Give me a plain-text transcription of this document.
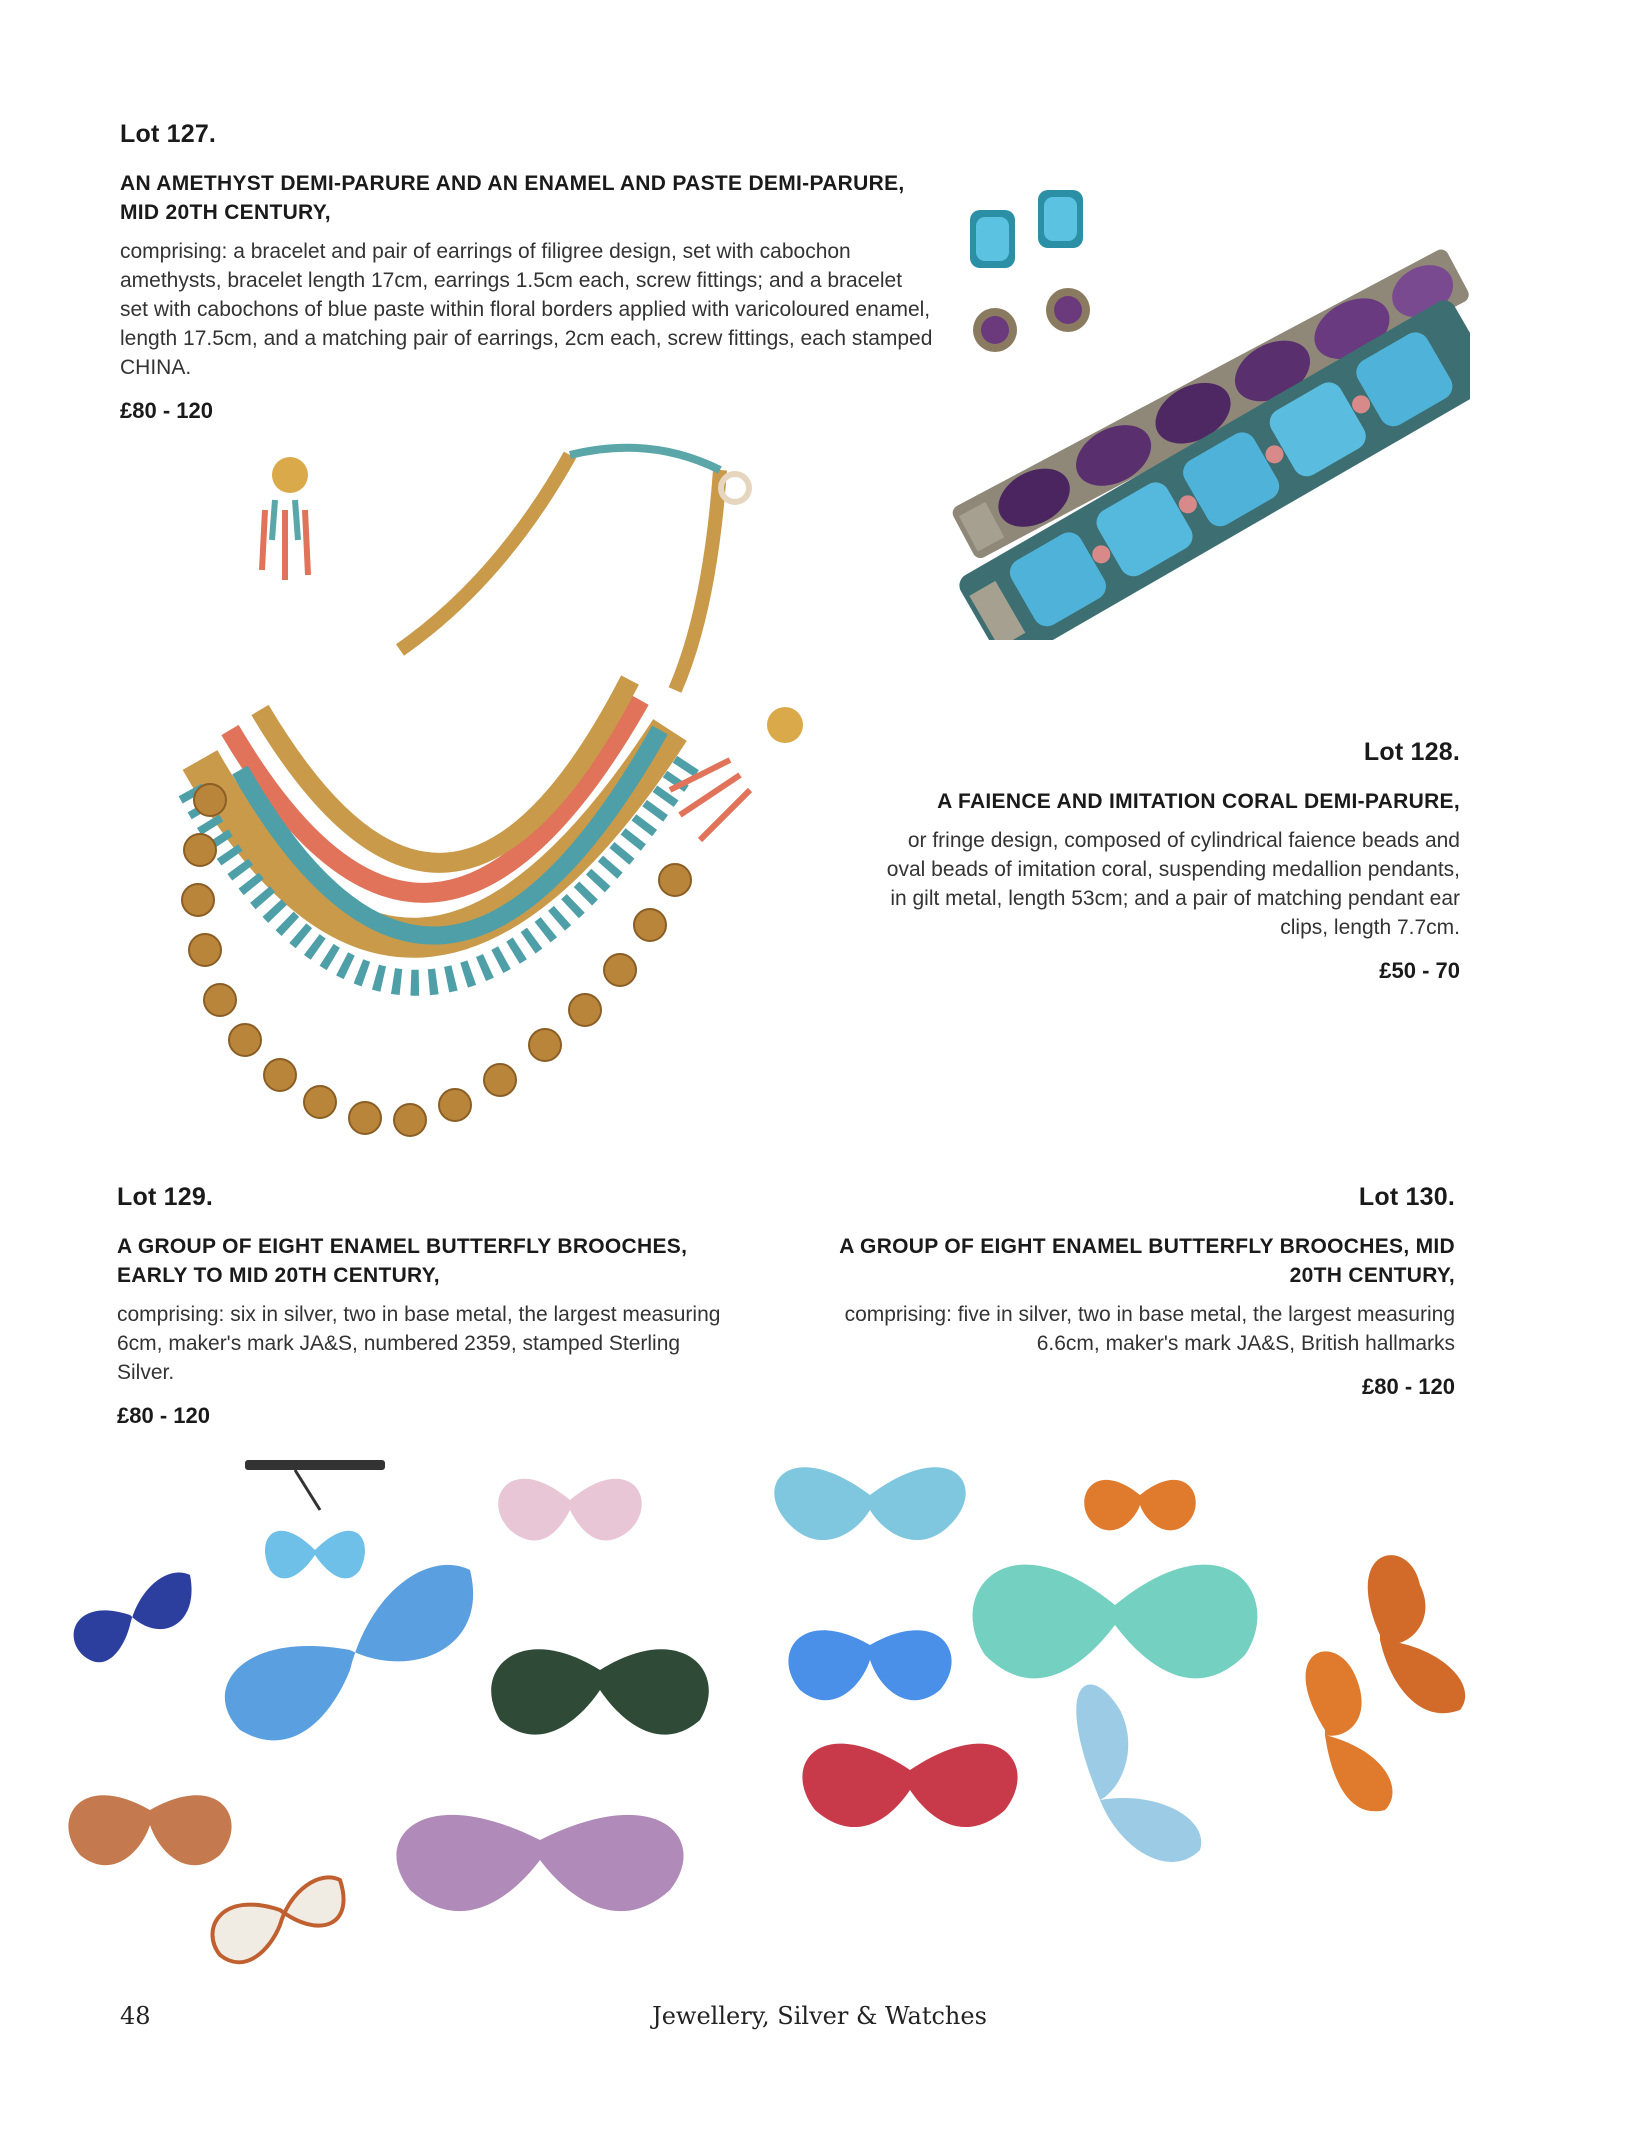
Lot 127.
AN AMETHYST DEMI-PARURE AND AN ENAMEL AND PASTE DEMI-PARURE, MID 20TH CENTURY,
comprising: a bracelet and pair of earrings of filigree design, set with cabochon amethysts, bracelet length 17cm, earrings 1.5cm each, screw fittings; and a bracelet set with cabochons of blue paste within floral borders applied with varicoloured enamel, length 17.5cm, and a matching pair of earrings, 2cm each, screw fittings, each stamped CHINA.
£80 - 120
Lot 128.
A FAIENCE AND IMITATION CORAL DEMI-PARURE,
or fringe design, composed of cylindrical faience beads and oval beads of imitation coral, suspending medallion pendants, in gilt metal, length 53cm; and a pair of matching pendant ear clips, length 7.7cm.
£50 - 70
Lot 129.
A GROUP OF EIGHT ENAMEL BUTTERFLY BROOCHES, EARLY TO MID 20TH CENTURY,
comprising: six in silver, two in base metal, the largest measuring 6cm, maker's mark JA&S, numbered 2359, stamped Sterling Silver.
£80 - 120
Lot 130.
A GROUP OF EIGHT ENAMEL BUTTERFLY BROOCHES, MID 20TH CENTURY,
comprising: five in silver, two in base metal, the largest measuring 6.6cm, maker's mark JA&S, British hallmarks
£80 - 120
48	Jewellery, Silver & Watches
